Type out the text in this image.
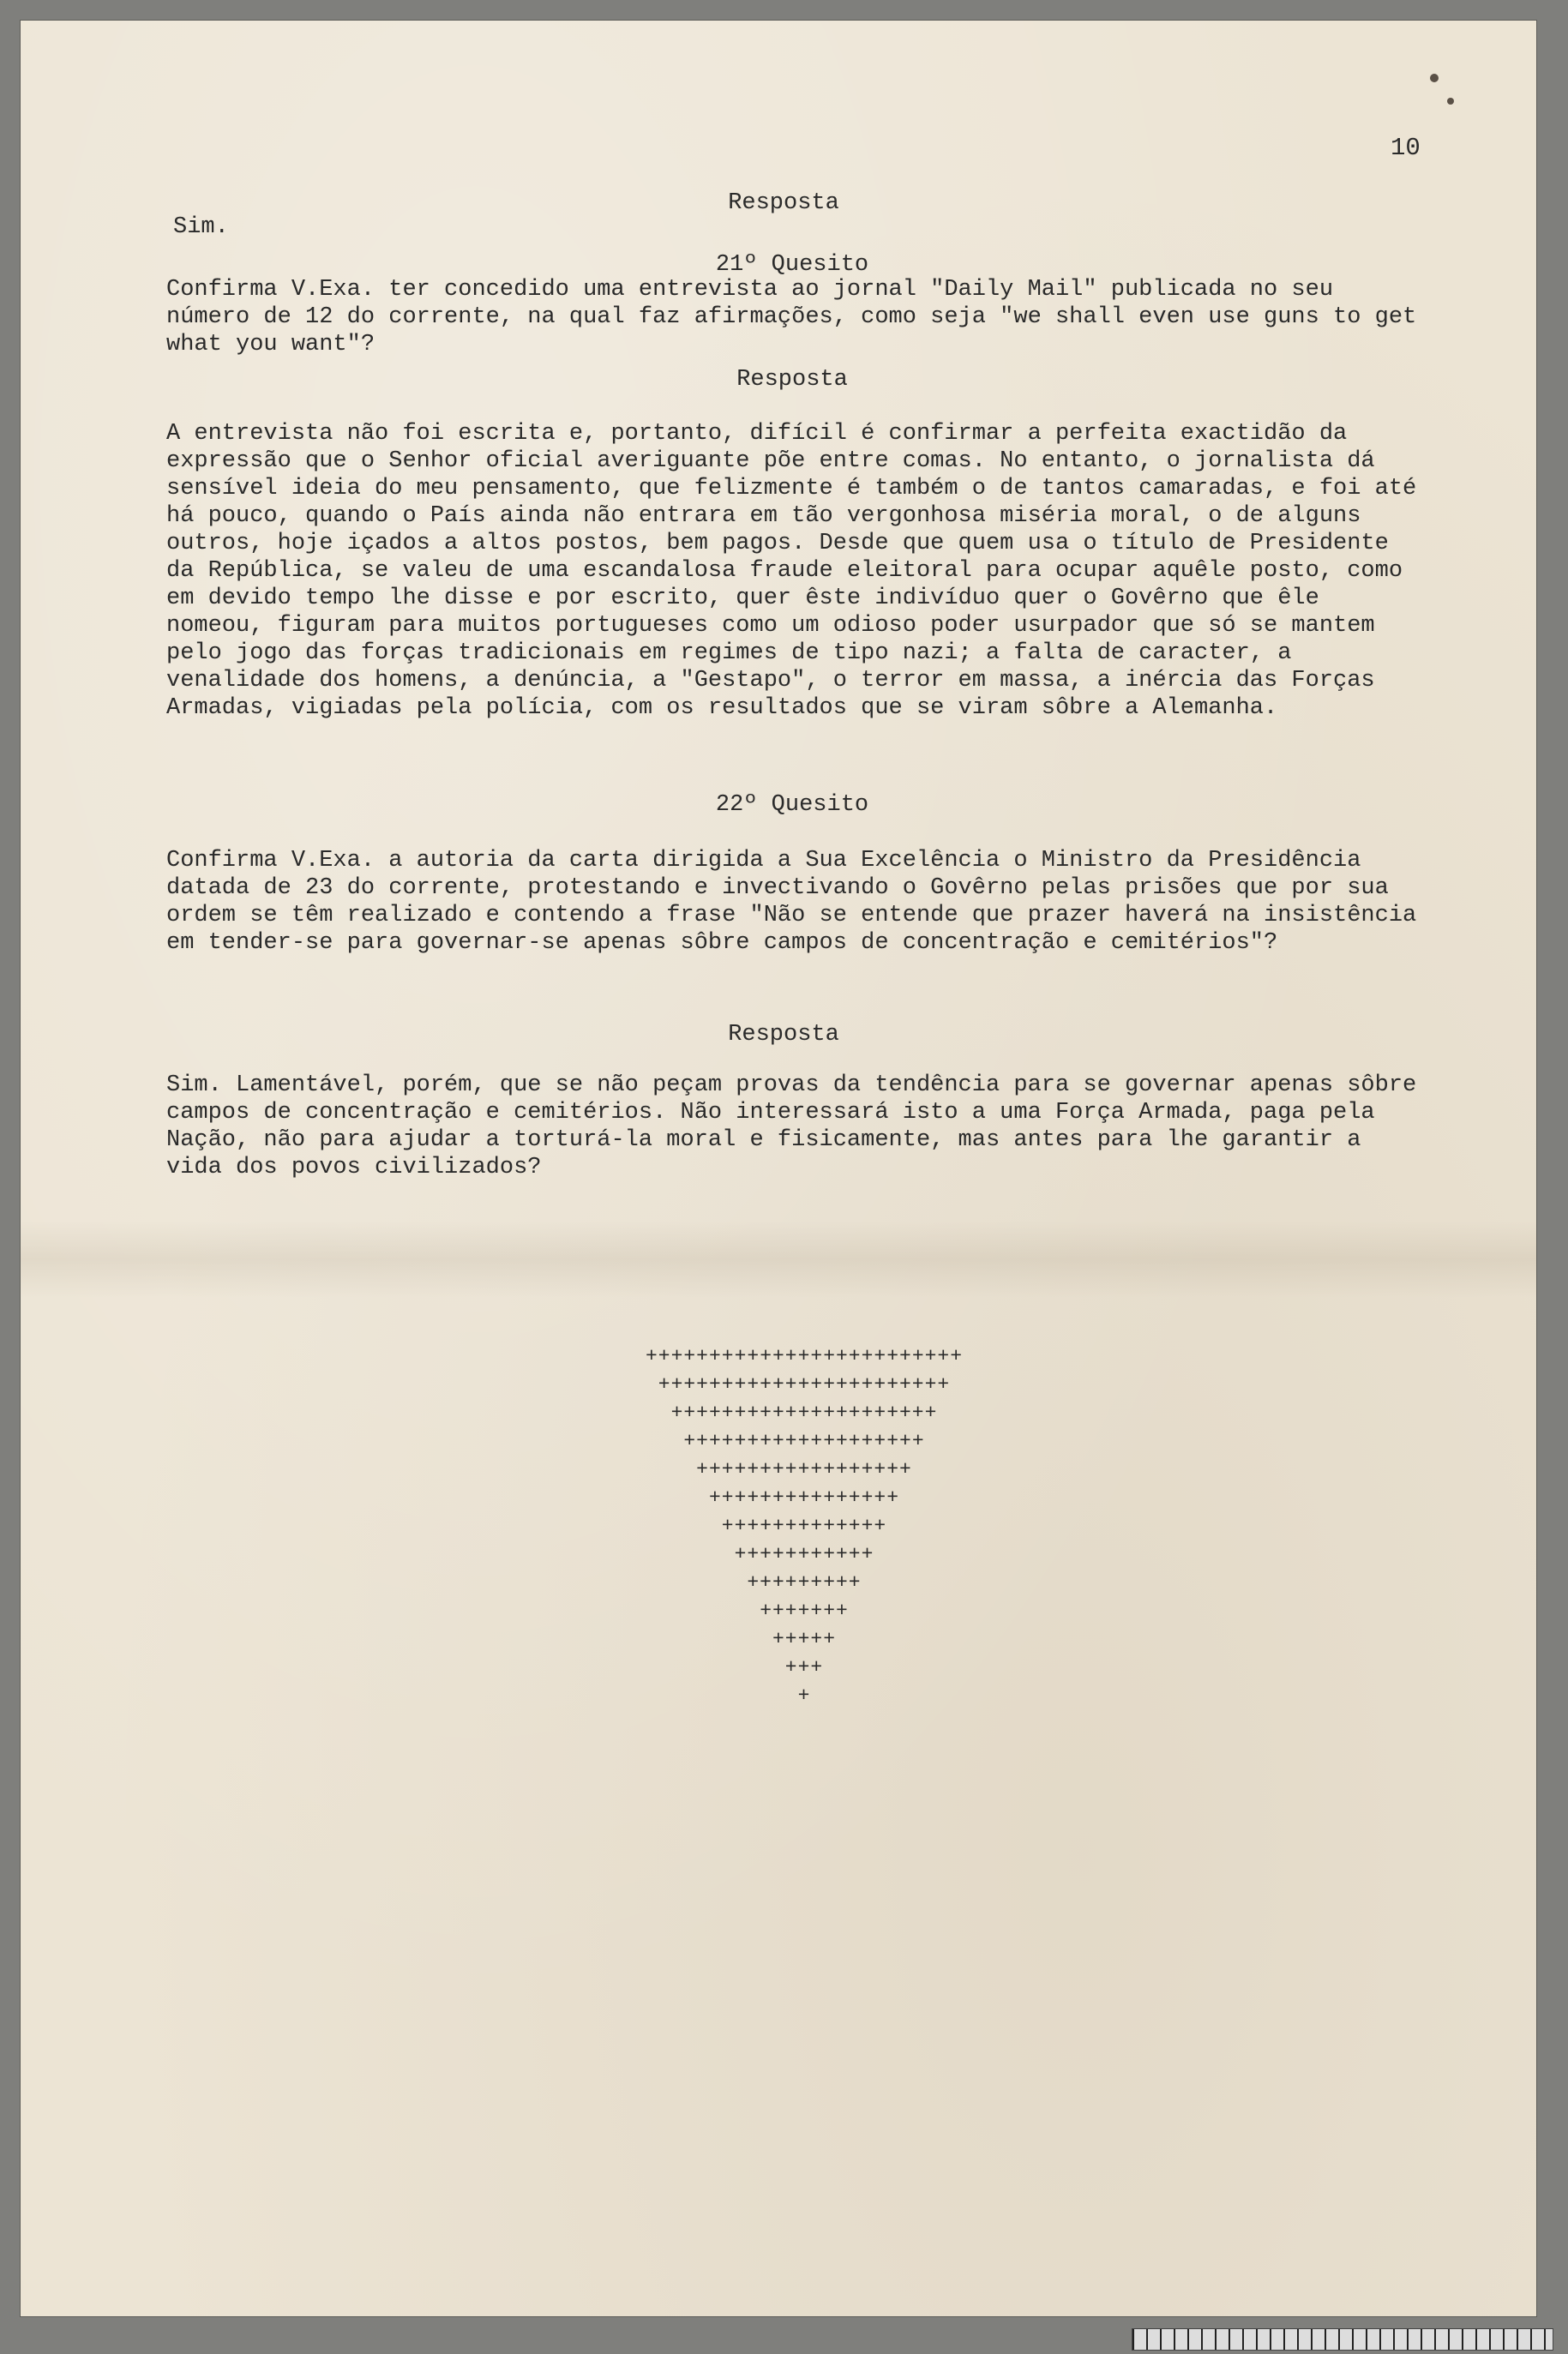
10
Resposta
Sim.
21º Quesito
Confirma V.Exa. ter concedido uma entrevista ao jornal "Daily Mail" publicada no seu número de 12 do corrente, na qual faz afirmações, como seja "we shall even use guns to get what you want"?
Resposta
A entrevista não foi escrita e, portanto, difícil é confirmar a perfeita exactidão da expressão que o Senhor oficial averiguante põe entre comas. No entanto, o jornalista dá sensível ideia do meu pensamento, que felizmente é também o de tantos camaradas, e foi até há pouco, quando o País ainda não entrara em tão vergonhosa miséria moral, o de alguns outros, hoje içados a altos postos, bem pagos. Desde que quem usa o título de Presidente da República, se valeu de uma escandalosa fraude eleitoral para ocupar aquêle posto, como em devido tempo lhe disse e por escrito, quer êste indivíduo quer o Govêrno que êle nomeou, figuram para muitos portugueses como um odioso poder usurpador que só se mantem pelo jogo das forças tradicionais em regimes de tipo nazi; a falta de caracter, a venalidade dos homens, a denúncia, a "Gestapo", o terror em massa, a inércia das Forças Armadas, vigiadas pela polícia, com os resultados que se viram sôbre a Alemanha.
22º Quesito
Confirma V.Exa. a autoria da carta dirigida a Sua Excelência o Ministro da Presidência datada de 23 do corrente, protestando e invectivando o Govêrno pelas prisões que por sua ordem se têm realizado e contendo a frase "Não se entende que prazer haverá na insistência em tender-se para governar-se apenas sôbre campos de concentração e cemitérios"?
Resposta
Sim. Lamentável, porém, que se não peçam provas da tendência para se governar apenas sôbre campos de concentração e cemitérios. Não interessará isto a uma Força Armada, paga pela Nação, não para ajudar a torturá-la moral e fisicamente, mas antes para lhe garantir a vida dos povos civilizados?
+++++++++++++++++++++++++
+++++++++++++++++++++++
+++++++++++++++++++++
+++++++++++++++++++
+++++++++++++++++
+++++++++++++++
+++++++++++++
+++++++++++
+++++++++
+++++++
+++++
+++
+
